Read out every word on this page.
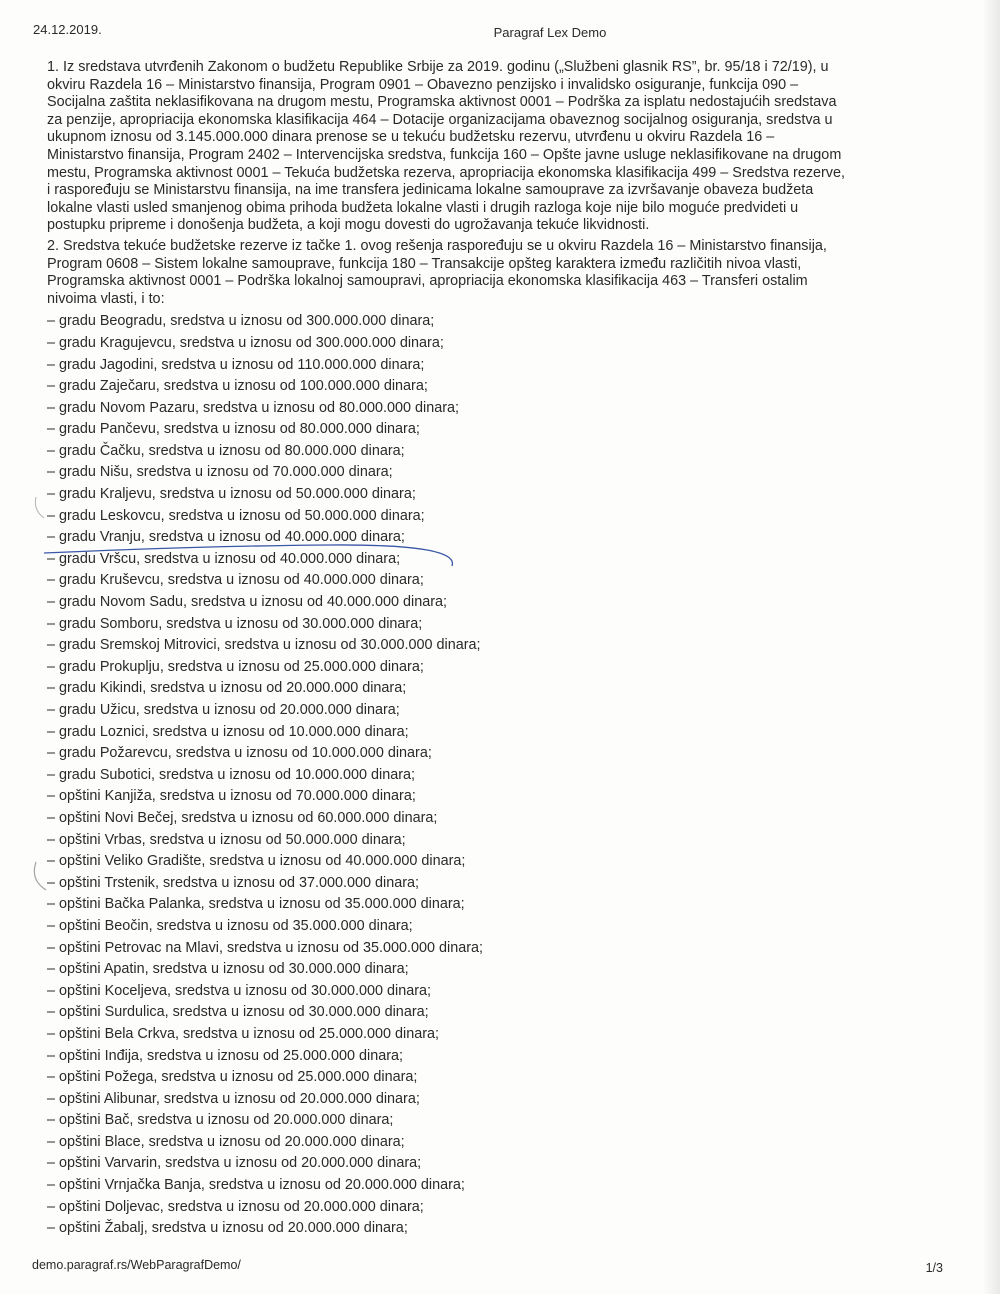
24.12.2019.	Paragraf Lex Demo

1. Iz sredstava utvrđenih Zakonom o budžetu Republike Srbije za 2019. godinu („Službeni glasnik RS”, br. 95/18 i 72/19), u

okviru Razdela 16 – Ministarstvo finansija, Program 0901 – Obavezno penzijsko i invalidsko osiguranje, funkcija 090 –

Socijalna zaštita neklasifikovana na drugom mestu, Programska aktivnost 0001 – Podrška za isplatu nedostajućih sredstava

za penzije, apropriacija ekonomska klasifikacija 464 – Dotacije organizacijama obaveznog socijalnog osiguranja, sredstva u

ukupnom iznosu od 3.145.000.000 dinara prenose se u tekuću budžetsku rezervu, utvrđenu u okviru Razdela 16 –

Ministarstvo finansija, Program 2402 – Intervencijska sredstva, funkcija 160 – Opšte javne usluge neklasifikovane na drugom

mestu, Programska aktivnost 0001 – Tekuća budžetska rezerva, apropriacija ekonomska klasifikacija 499 – Sredstva rezerve,

i raspoređuju se Ministarstvu finansija, na ime transfera jedinicama lokalne samouprave za izvršavanje obaveza budžeta

lokalne vlasti usled smanjenog obima prihoda budžeta lokalne vlasti i drugih razloga koje nije bilo moguće predvideti u

postupku pripreme i donošenja budžeta, a koji mogu dovesti do ugrožavanja tekuće likvidnosti.

2. Sredstva tekuće budžetske rezerve iz tačke 1. ovog rešenja raspoređuju se u okviru Razdela 16 – Ministarstvo finansija,

Program 0608 – Sistem lokalne samouprave, funkcija 180 – Transakcije opšteg karaktera između različitih nivoa vlasti,

Programska aktivnost 0001 – Podrška lokalnoj samoupravi, apropriacija ekonomska klasifikacija 463 – Transferi ostalim

nivoima vlasti, i to:

– gradu Beogradu, sredstva u iznosu od 300.000.000 dinara;
– gradu Kragujevcu, sredstva u iznosu od 300.000.000 dinara;
– gradu Jagodini, sredstva u iznosu od 110.000.000 dinara;
– gradu Zaječaru, sredstva u iznosu od 100.000.000 dinara;
– gradu Novom Pazaru, sredstva u iznosu od 80.000.000 dinara;
– gradu Pančevu, sredstva u iznosu od 80.000.000 dinara;
– gradu Čačku, sredstva u iznosu od 80.000.000 dinara;
– gradu Nišu, sredstva u iznosu od 70.000.000 dinara;
– gradu Kraljevu, sredstva u iznosu od 50.000.000 dinara;
– gradu Leskovcu, sredstva u iznosu od 50.000.000 dinara;
– gradu Vranju, sredstva u iznosu od 40.000.000 dinara;
– gradu Vršcu, sredstva u iznosu od 40.000.000 dinara;
– gradu Kruševcu, sredstva u iznosu od 40.000.000 dinara;
– gradu Novom Sadu, sredstva u iznosu od 40.000.000 dinara;
– gradu Somboru, sredstva u iznosu od 30.000.000 dinara;
– gradu Sremskoj Mitrovici, sredstva u iznosu od 30.000.000 dinara;
– gradu Prokuplju, sredstva u iznosu od 25.000.000 dinara;
– gradu Kikindi, sredstva u iznosu od 20.000.000 dinara;
– gradu Užicu, sredstva u iznosu od 20.000.000 dinara;
– gradu Loznici, sredstva u iznosu od 10.000.000 dinara;
– gradu Požarevcu, sredstva u iznosu od 10.000.000 dinara;
– gradu Subotici, sredstva u iznosu od 10.000.000 dinara;
– opštini Kanjiža, sredstva u iznosu od 70.000.000 dinara;
– opštini Novi Bečej, sredstva u iznosu od 60.000.000 dinara;
– opštini Vrbas, sredstva u iznosu od 50.000.000 dinara;
– opštini Veliko Gradište, sredstva u iznosu od 40.000.000 dinara;
– opštini Trstenik, sredstva u iznosu od 37.000.000 dinara;
– opštini Bačka Palanka, sredstva u iznosu od 35.000.000 dinara;
– opštini Beočin, sredstva u iznosu od 35.000.000 dinara;
– opštini Petrovac na Mlavi, sredstva u iznosu od 35.000.000 dinara;
– opštini Apatin, sredstva u iznosu od 30.000.000 dinara;
– opštini Koceljeva, sredstva u iznosu od 30.000.000 dinara;
– opštini Surdulica, sredstva u iznosu od 30.000.000 dinara;
– opštini Bela Crkva, sredstva u iznosu od 25.000.000 dinara;
– opštini Inđija, sredstva u iznosu od 25.000.000 dinara;
– opštini Požega, sredstva u iznosu od 25.000.000 dinara;
– opštini Alibunar, sredstva u iznosu od 20.000.000 dinara;
– opštini Bač, sredstva u iznosu od 20.000.000 dinara;
– opštini Blace, sredstva u iznosu od 20.000.000 dinara;
– opštini Varvarin, sredstva u iznosu od 20.000.000 dinara;
– opštini Vrnjačka Banja, sredstva u iznosu od 20.000.000 dinara;
– opštini Doljevac, sredstva u iznosu od 20.000.000 dinara;
– opštini Žabalj, sredstva u iznosu od 20.000.000 dinara;
demo.paragraf.rs/WebParagrafDemo/	1/3
